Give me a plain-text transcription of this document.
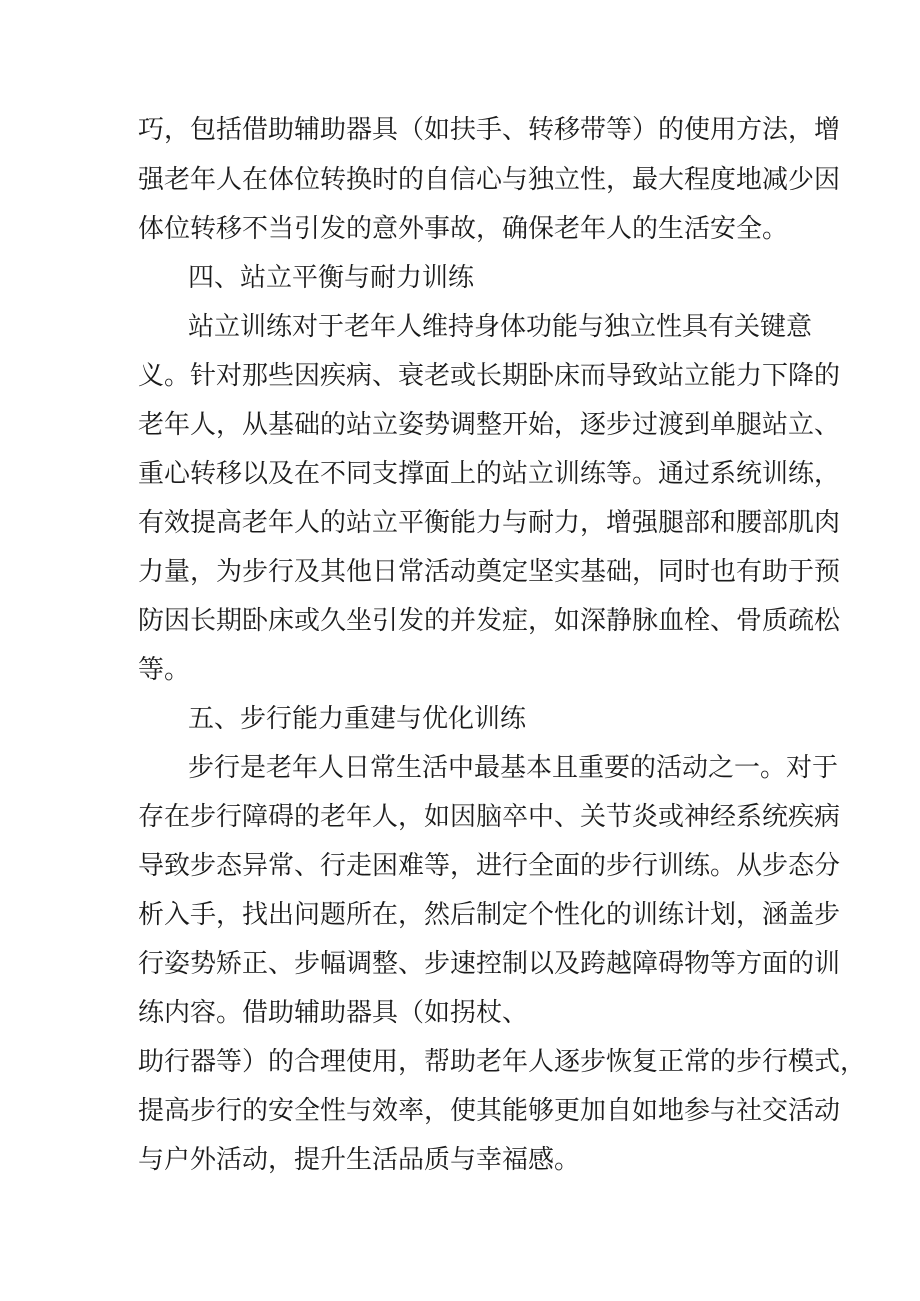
巧，包括借助辅助器具（如扶手、转移带等）的使用方法，增
强老年人在体位转换时的自信心与独立性，最大程度地减少因
体位转移不当引发的意外事故，确保老年人的生活安全。
四、站立平衡与耐力训练
站立训练对于老年人维持身体功能与独立性具有关键意
义。针对那些因疾病、衰老或长期卧床而导致站立能力下降的
老年人，从基础的站立姿势调整开始，逐步过渡到单腿站立、
重心转移以及在不同支撑面上的站立训练等。通过系统训练，
有效提高老年人的站立平衡能力与耐力，增强腿部和腰部肌肉
力量，为步行及其他日常活动奠定坚实基础，同时也有助于预
防因长期卧床或久坐引发的并发症，如深静脉血栓、骨质疏松
等。
五、步行能力重建与优化训练
步行是老年人日常生活中最基本且重要的活动之一。对于
存在步行障碍的老年人，如因脑卒中、关节炎或神经系统疾病
导致步态异常、行走困难等，进行全面的步行训练。从步态分
析入手，找出问题所在，然后制定个性化的训练计划，涵盖步
行姿势矫正、步幅调整、步速控制以及跨越障碍物等方面的训
练内容。借助辅助器具（如拐杖、
助行器等）的合理使用，帮助老年人逐步恢复正常的步行模式，
提高步行的安全性与效率，使其能够更加自如地参与社交活动
与户外活动，提升生活品质与幸福感。
